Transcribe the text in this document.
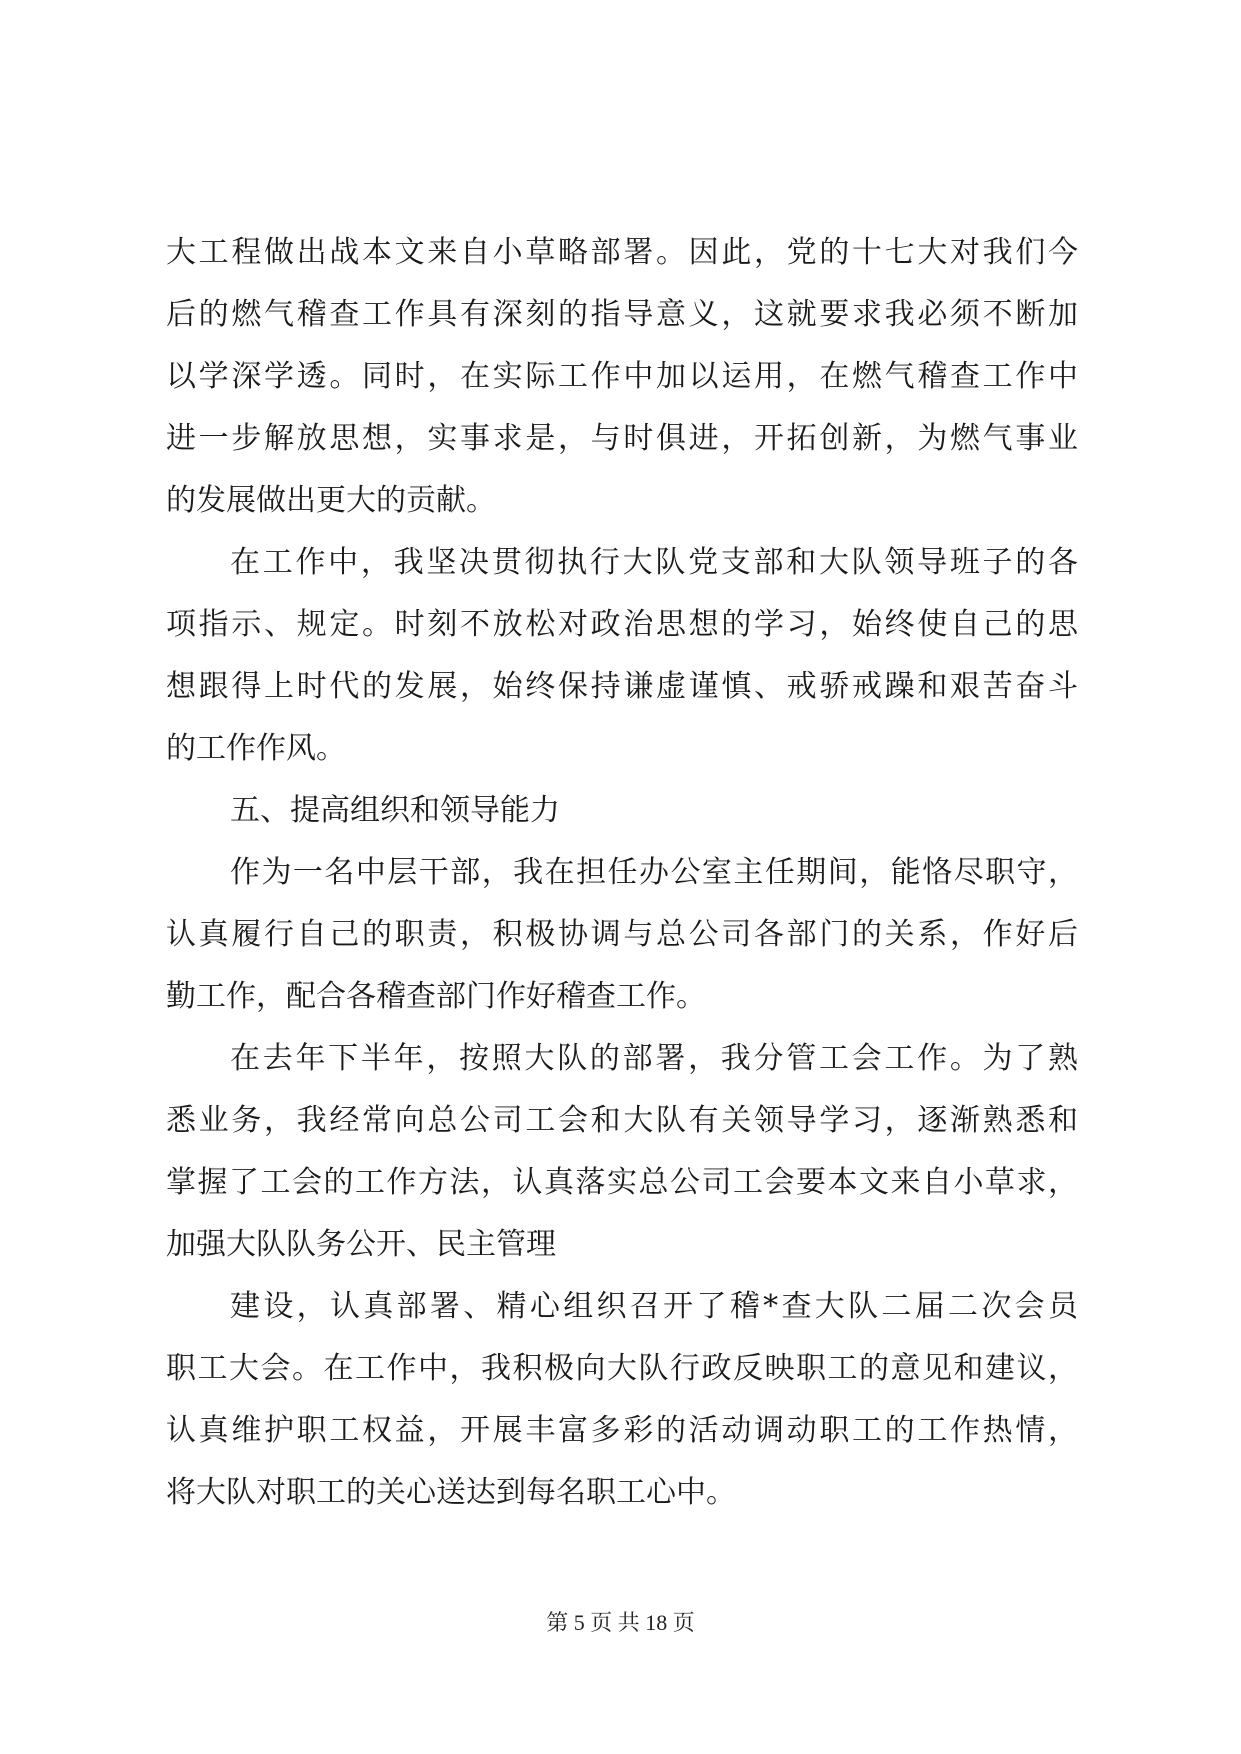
大工程做出战本文来自小草略部署。因此，党的十七大对我们今
后的燃气稽查工作具有深刻的指导意义，这就要求我必须不断加
以学深学透。同时，在实际工作中加以运用，在燃气稽查工作中
进一步解放思想，实事求是，与时俱进，开拓创新，为燃气事业
的发展做出更大的贡献。
在工作中，我坚决贯彻执行大队党支部和大队领导班子的各
项指示、规定。时刻不放松对政治思想的学习，始终使自己的思
想跟得上时代的发展，始终保持谦虚谨慎、戒骄戒躁和艰苦奋斗
的工作作风。
五、提高组织和领导能力
作为一名中层干部，我在担任办公室主任期间，能恪尽职守，
认真履行自己的职责，积极协调与总公司各部门的关系，作好后
勤工作，配合各稽查部门作好稽查工作。
在去年下半年，按照大队的部署，我分管工会工作。为了熟
悉业务，我经常向总公司工会和大队有关领导学习，逐渐熟悉和
掌握了工会的工作方法，认真落实总公司工会要本文来自小草求，
加强大队队务公开、民主管理
建设，认真部署、精心组织召开了稽*查大队二届二次会员
职工大会。在工作中，我积极向大队行政反映职工的意见和建议，
认真维护职工权益，开展丰富多彩的活动调动职工的工作热情，
将大队对职工的关心送达到每名职工心中。
第 5 页 共 18 页
